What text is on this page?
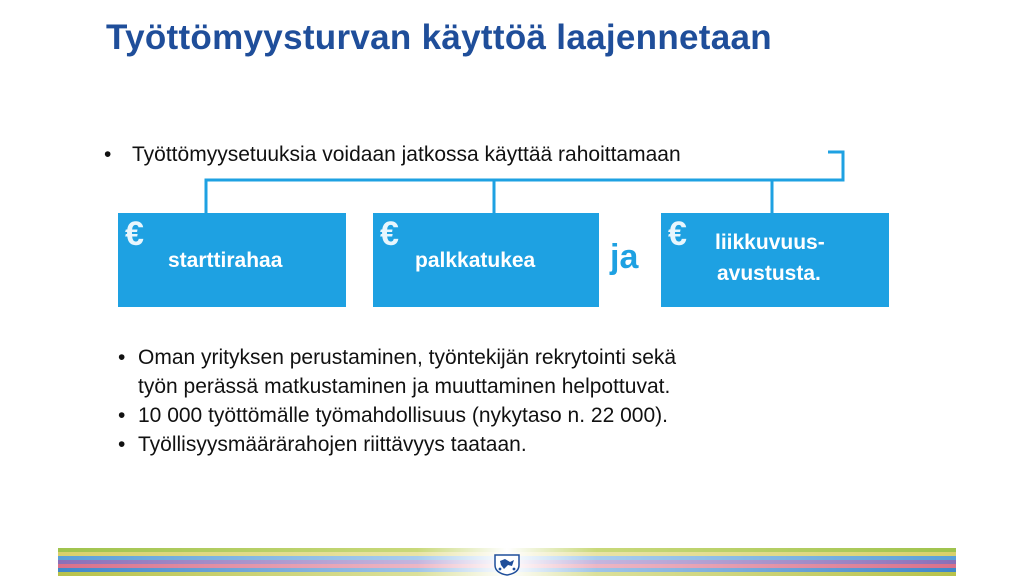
Työttömyysturvan käyttöä laajennetaan
• Työttömyysetuuksia voidaan jatkossa käyttää rahoittamaan
€
starttirahaa
€
palkkatukea ja
€ liikkuvuus-
avustusta.
• Oman yrityksen perustaminen, työntekijän rekrytointi sekä
työn perässä matkustaminen ja muuttaminen helpottuvat.
• 10 000 työttömälle työmahdollisuus (nykytaso n. 22 000).
• Työllisyysmäärärahojen riittävyys taataan.
